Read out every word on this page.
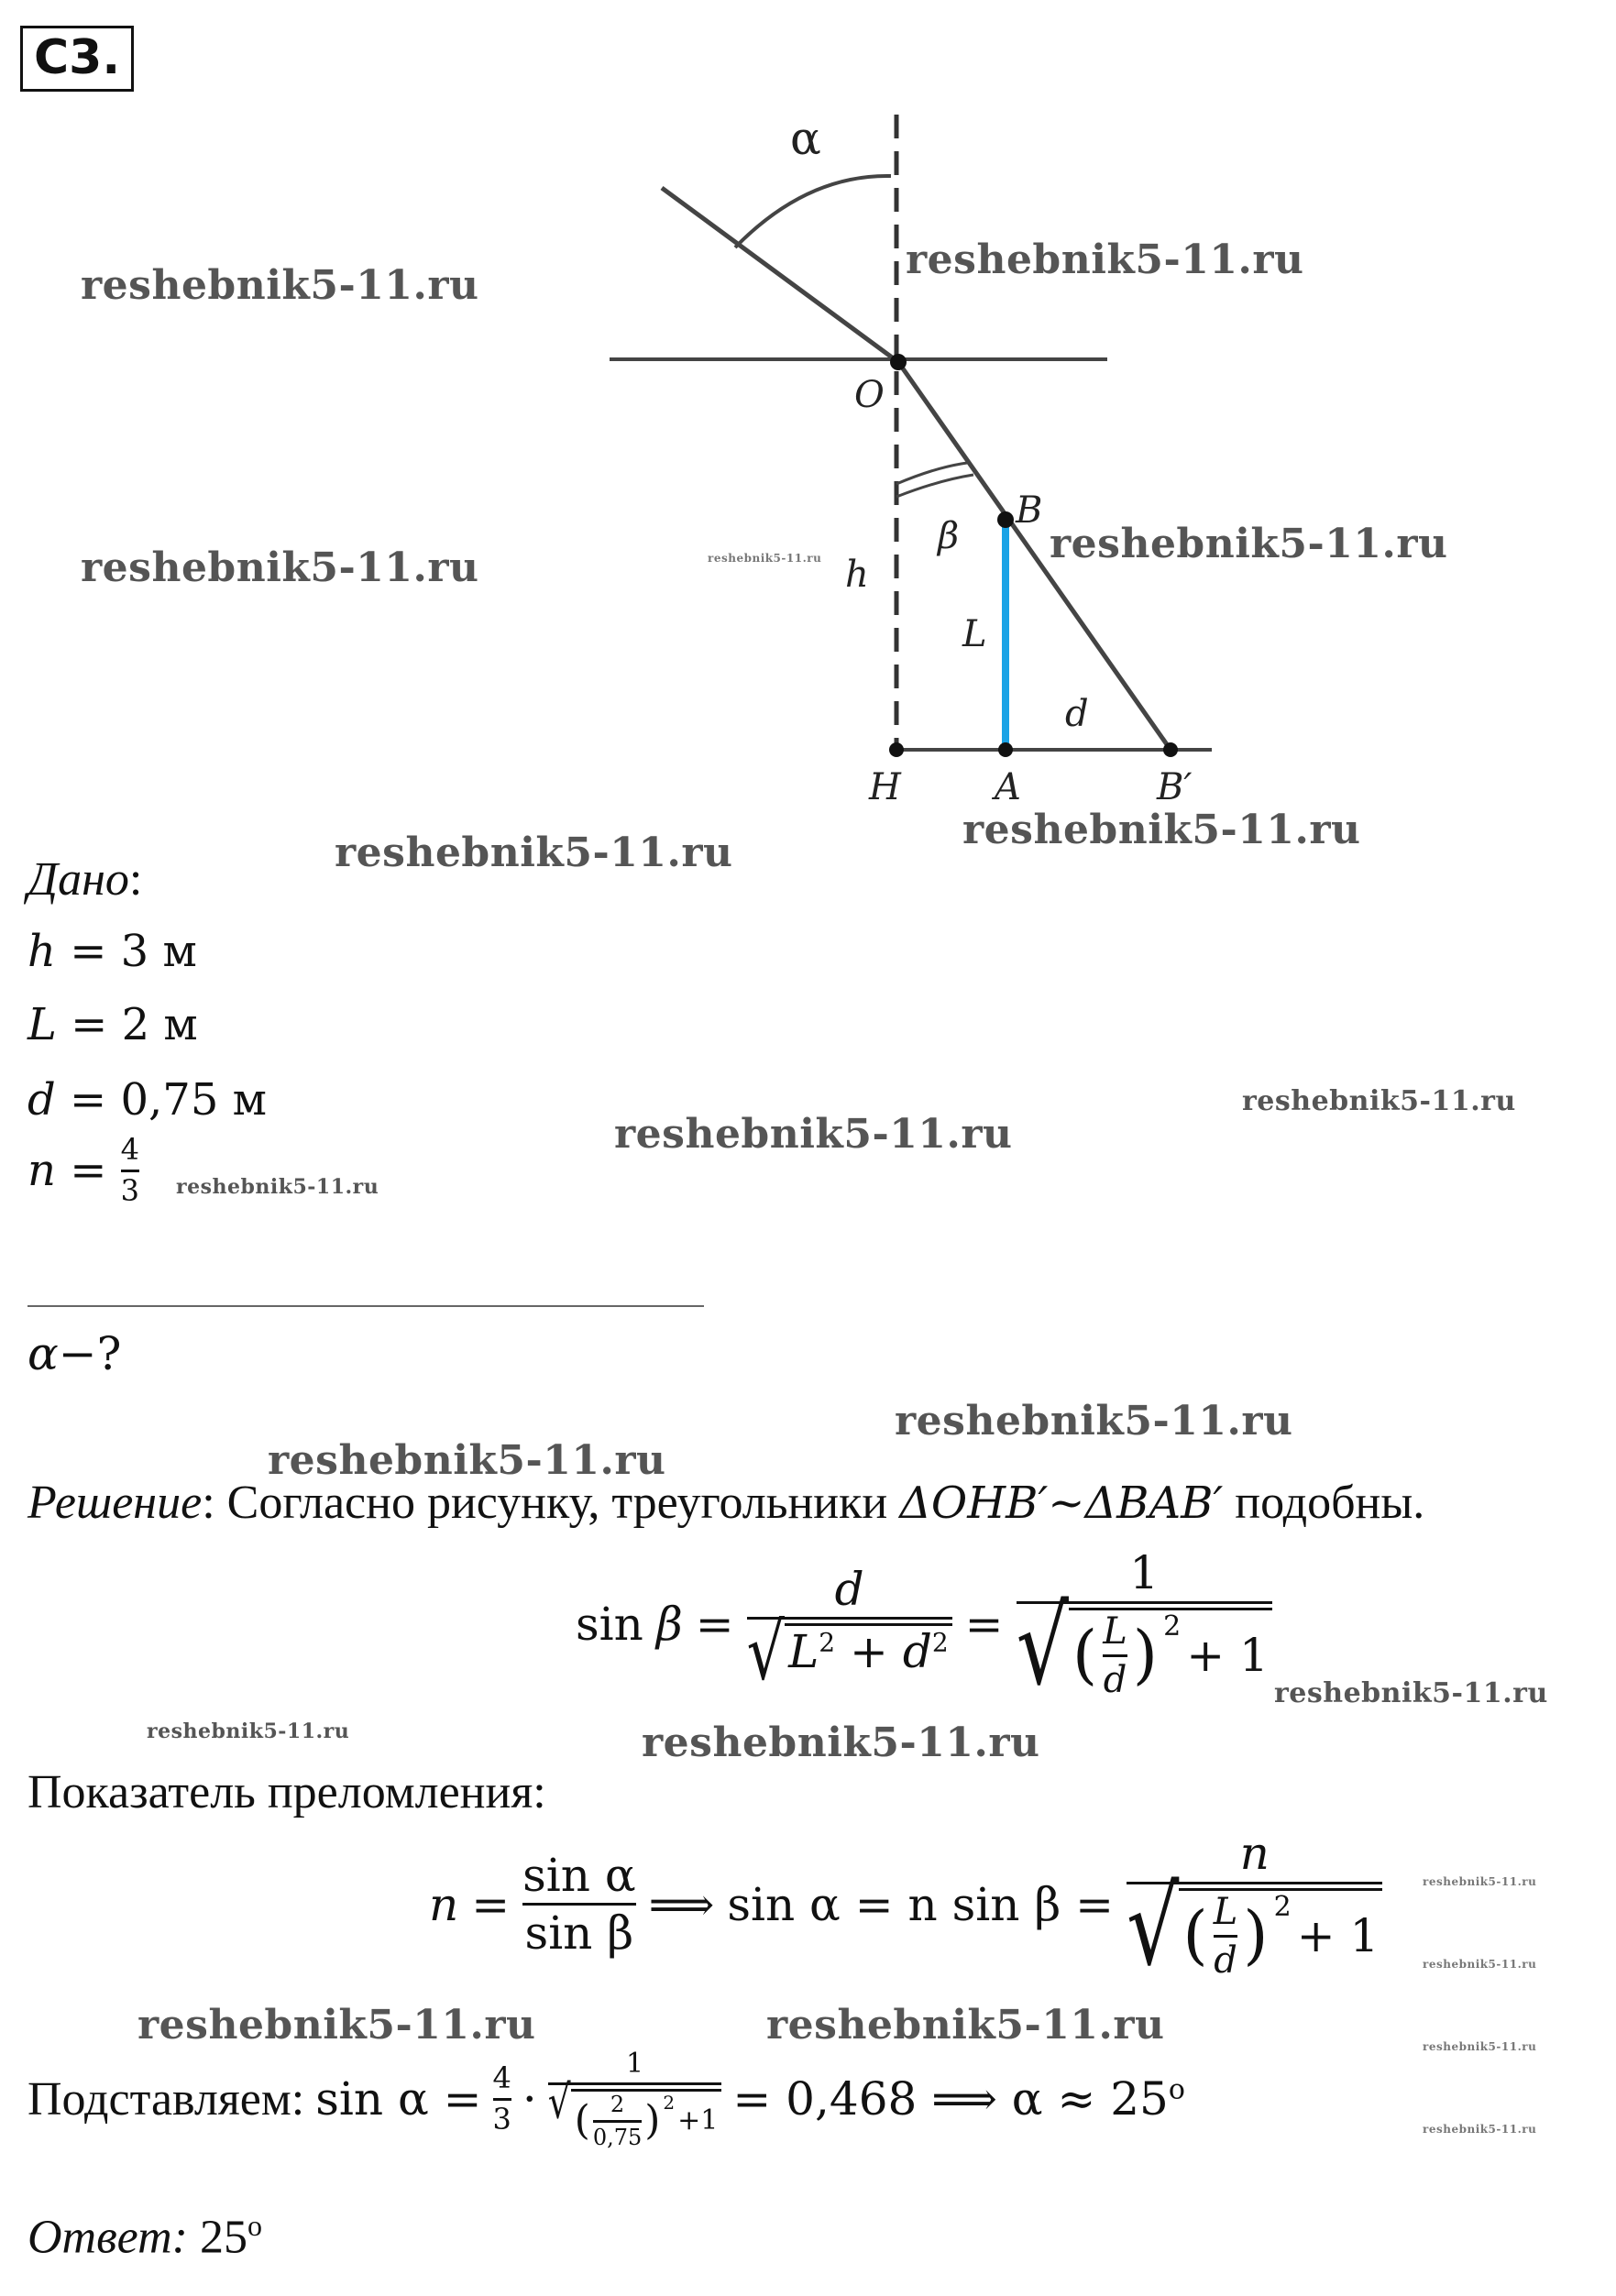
С3.
α
O
B
β
h
L
d
H	A	B′
reshebnik5-11.ru
reshebnik5-11.ru
reshebnik5-11.ru	reshebnik5-11.ru	reshebnik5-11.ru
reshebnik5-11.ru
reshebnik5-11.ru
reshebnik5-11.ru
reshebnik5-11.ru
reshebnik5-11.ru
reshebnik5-11.ru
reshebnik5-11.ru
reshebnik5-11.ru
reshebnik5-11.ru	reshebnik5-11.ru
reshebnik5-11.ru
reshebnik5-11.ru
reshebnik5-11.ru	reshebnik5-11.ru	reshebnik5-11.ru
reshebnik5-11.ru
Дано:
h = 3 м
L = 2 м
d = 0,75 м
$n = \frac{4}{3}$
α−?
Решение: Согласно рисунку, треугольники ΔOHB′~ΔBAB′ подобны.
$\sin \beta = \frac{d}{√ L^2 + d^2} = 1$
√ ( $\frac{L}{d} )^2$
+ 1
Показатель преломления:
$n = \frac{\text{sin α}}{\text{sin β}}$ ⟹ sin α = n sin β = n
√ ( $\frac{L}{d} )^2$
+ 1
Подставляем: $\sin \alpha = \frac{4}{3} \cdot 1$
√ ( $\frac{2}{0,75} )^2$
+1 = 0,468 ⟹ $\alpha \approx 25^o$
Ответ: 25$^o$
